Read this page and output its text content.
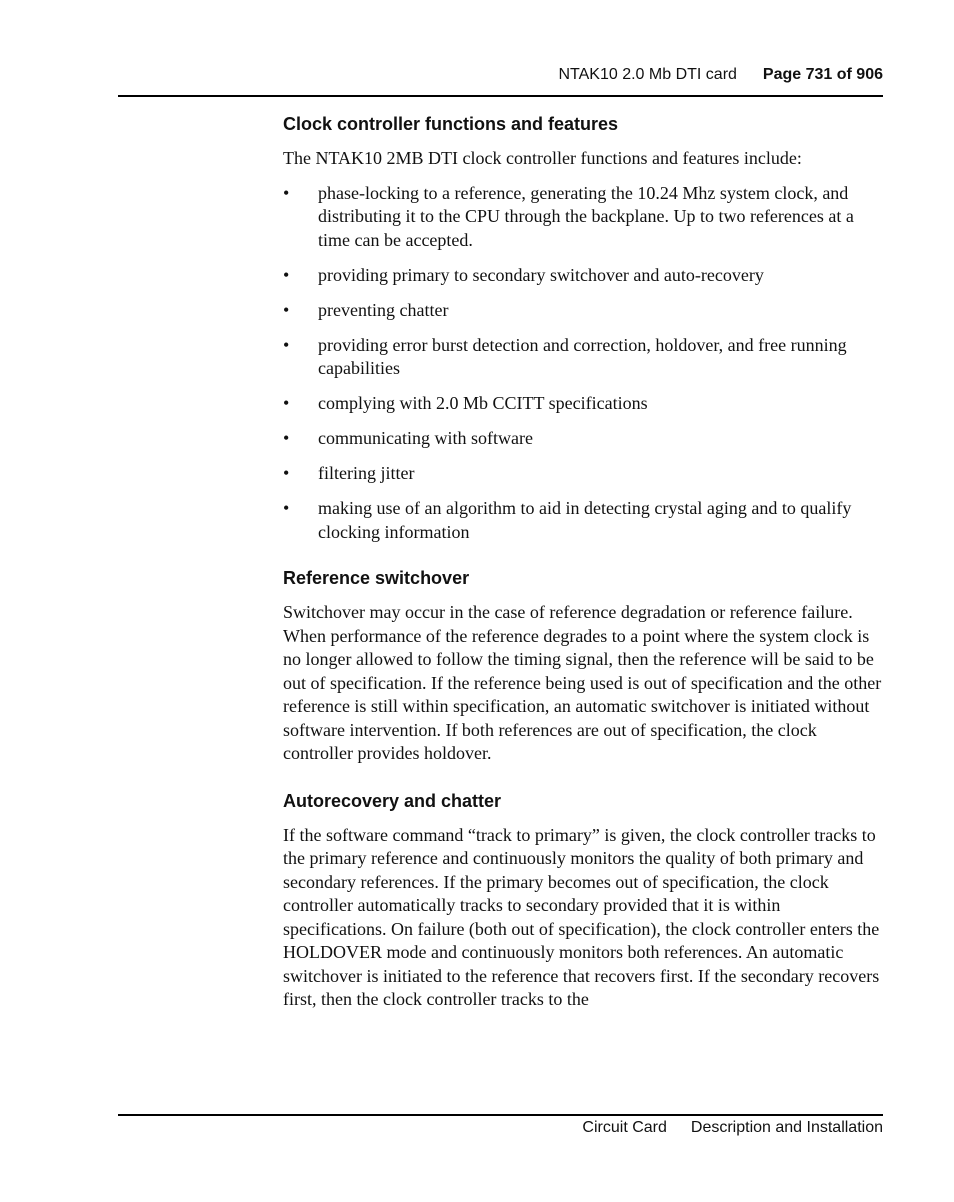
NTAK10 2.0 Mb DTI card Page 731 of 906
Clock controller functions and features

The NTAK10 2MB DTI clock controller functions and features include:

• phase-locking to a reference, generating the 10.24 Mhz system clock, and distributing it to the CPU through the backplane. Up to two references at a time can be accepted.
• providing primary to secondary switchover and auto-recovery
• preventing chatter
• providing error burst detection and correction, holdover, and free running capabilities
• complying with 2.0 Mb CCITT specifications
• communicating with software
• filtering jitter
• making use of an algorithm to aid in detecting crystal aging and to qualify clocking information
Reference switchover

Switchover may occur in the case of reference degradation or reference failure. When performance of the reference degrades to a point where the system clock is no longer allowed to follow the timing signal, then the reference will be said to be out of specification. If the reference being used is out of specification and the other reference is still within specification, an automatic switchover is initiated without software intervention. If both references are out of specification, the clock controller provides holdover.

Autorecovery and chatter

If the software command “track to primary” is given, the clock controller tracks to the primary reference and continuously monitors the quality of both primary and secondary references. If the primary becomes out of specification, the clock controller automatically tracks to secondary provided that it is within specifications. On failure (both out of specification), the clock controller enters the HOLDOVER mode and continuously monitors both references. An automatic switchover is initiated to the reference that recovers first. If the secondary recovers first, then the clock controller tracks to the

Circuit Card Description and Installation
